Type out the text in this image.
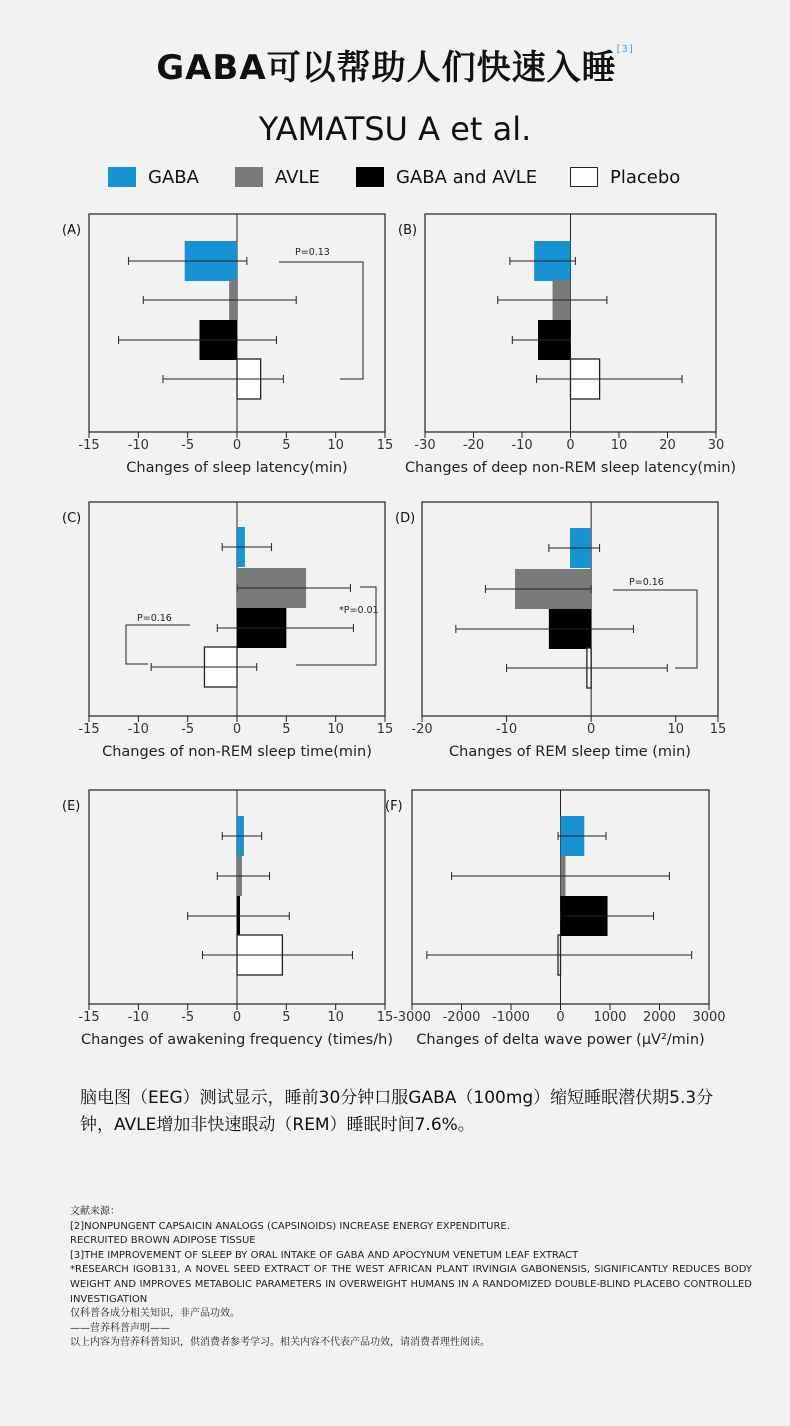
GABA可以帮助人们快速入睡[3]
YAMATSU A et al.
GABA	AVLE	GABA and AVLE	Placebo
(A)
-15 -10 -5	0	5	10	15
Changes of sleep latency(min)
(B)
-30 -20 -10	0	10 20 30
Changes of deep non-REM sleep latency(min)
(C)
-15 -10 -5	0	5	10	15
Changes of non-REM sleep time(min)
(D)
-20	-10	0	10 15
Changes of REM sleep time (min)
(E)
-15 -10 -5	0	5	10	15
Changes of awakening frequency (times/h)
(F)
-3000 -2000 -1000 0 1000 2000 3000
Changes of delta wave power (μV²/min)
P=0.13
*P=0.01
P=0.16
P=0.16
脑电图（EEG）测试显示，睡前30分钟口服GABA（100mg）缩短睡眠潜伏期5.3分钟，AVLE增加非快速眼动（REM）睡眠时间7.6%。
文献来源：
[2]NONPUNGENT CAPSAICIN ANALOGS (CAPSINOIDS) INCREASE ENERGY EXPENDITURE.
RECRUITED BROWN ADIPOSE TISSUE
[3]THE IMPROVEMENT OF SLEEP BY ORAL INTAKE OF GABA AND APOCYNUM VENETUM LEAF EXTRACT
*RESEARCH IGOB131, A NOVEL SEED EXTRACT OF THE WEST AFRICAN PLANT IRVINGIA GABONENSIS, SIGNIFICANTLY REDUCES BODY WEIGHT AND IMPROVES METABOLIC PARAMETERS IN OVERWEIGHT HUMANS IN A RANDOMIZED DOUBLE-BLIND PLACEBO CONTROLLED INVESTIGATION
仅科普各成分相关知识，非产品功效。
——营养科普声明——
以上内容为营养科普知识，供消费者参考学习。相关内容不代表产品功效，请消费者理性阅读。
